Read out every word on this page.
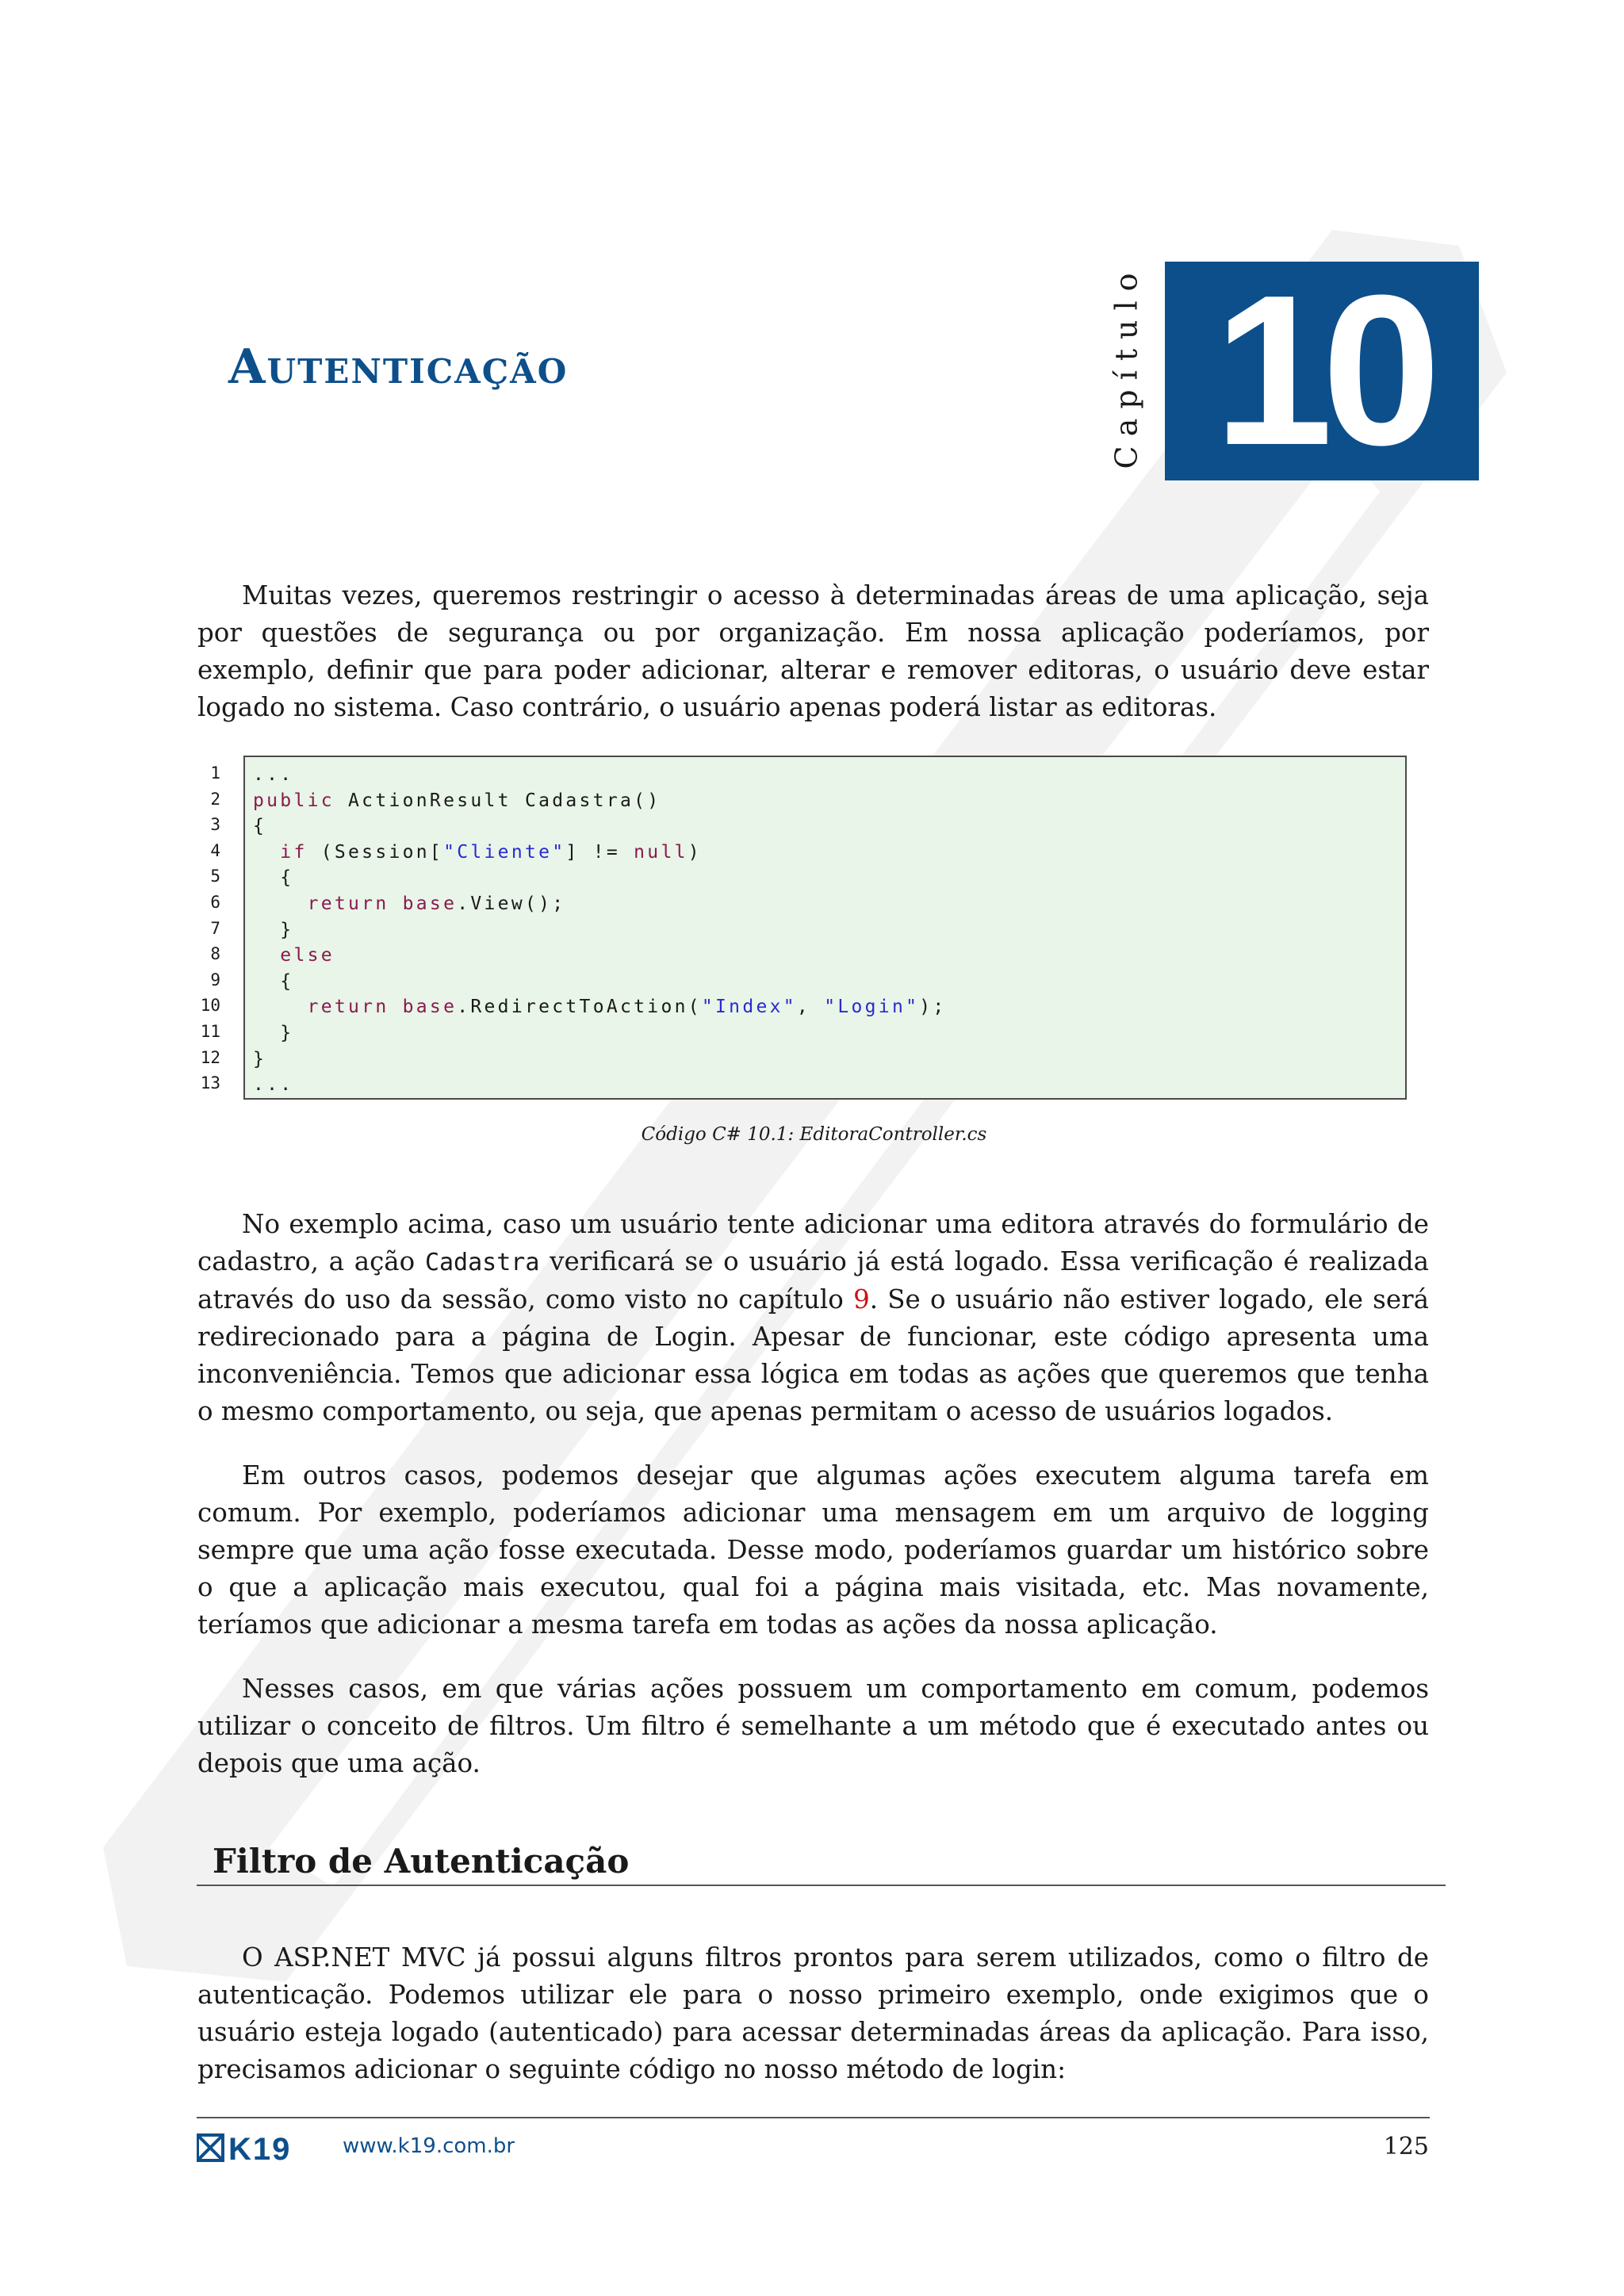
Autenticação	Capítulo 10

Muitas vezes, queremos restringir o acesso à determinadas áreas de uma aplicação, seja por questões de segurança ou por organização. Em nossa aplicação poderíamos, por exemplo, definir que para poder adicionar, alterar e remover editoras, o usuário deve estar logado no sistema. Caso contrário, o usuário apenas poderá listar as editoras.

1
2
3
4
5
6
7
8
9
10
11
12
13
...
public ActionResult Cadastra()
{
if (Session["Cliente"] != null)
{
return base.View();
}
else
{
return base.RedirectToAction("Index", "Login");
}
}
...
Código C# 10.1: EditoraController.cs

No exemplo acima, caso um usuário tente adicionar uma editora através do formulário de cadastro, a ação Cadastra verificará se o usuário já está logado. Essa verificação é realizada através do uso da sessão, como visto no capítulo 9. Se o usuário não estiver logado, ele será redirecionado para a página de Login. Apesar de funcionar, este código apresenta uma inconveniência. Temos que adicionar essa lógica em todas as ações que queremos que tenha o mesmo comportamento, ou seja, que apenas permitam o acesso de usuários logados.

Em outros casos, podemos desejar que algumas ações executem alguma tarefa em comum. Por exemplo, poderíamos adicionar uma mensagem em um arquivo de logging sempre que uma ação fosse executada. Desse modo, poderíamos guardar um histórico sobre o que a aplicação mais executou, qual foi a página mais visitada, etc. Mas novamente, teríamos que adicionar a mesma tarefa em todas as ações da nossa aplicação.

Nesses casos, em que várias ações possuem um comportamento em comum, podemos utilizar o conceito de filtros. Um filtro é semelhante a um método que é executado antes ou depois que uma ação.

Filtro de Autenticação

O ASP.NET MVC já possui alguns filtros prontos para serem utilizados, como o filtro de autenticação. Podemos utilizar ele para o nosso primeiro exemplo, onde exigimos que o usuário esteja logado (autenticado) para acessar determinadas áreas da aplicação. Para isso, precisamos adicionar o seguinte código no nosso método de login:

K19 www.k19.com.br	125
